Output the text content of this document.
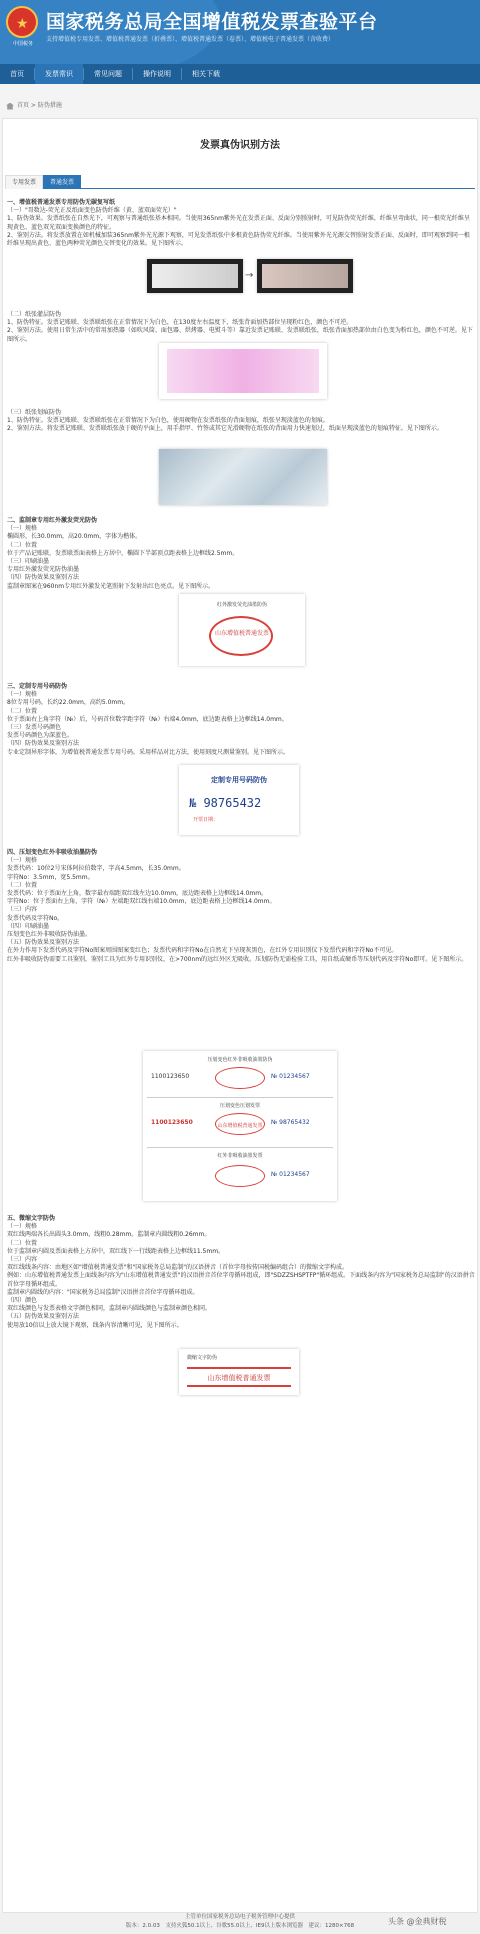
★
中国税务
国家税务总局全国增值税发票查验平台
支持增值税专用发票、增值税普通发票（折叠票）、增值税普通发票（卷票）、增值税电子普通发票（含收费）
首页	发票常识	常见问题	操作说明	相关下载
首页 > 防伪措施
发票真伪识别方法
专用发票	普通发票
一、增值税普通发票专用防伪无碳复写纸
（一）"哥数达-荧光正反纸面变色防伪纤维（黄、蓝双面荧光）"
1、防伪效果。发票纸张在自然光下，可观察与普通纸张基本相同。当使用365nm紫外光在发票正面、反面分别照射时，可见防伪荧光纤维，纤维呈弯曲状，同一根荧光纤维呈现黄色、蓝色双光双面变换颜色的特征。
2、鉴别方法。将发票放置在如机械加装365nm紫外光光源下观察，可见发票纸张中多根黄色防伪荧光纤维。当使用紫外光光源交替照射发票正面、反面时，即可观察到同一根纤维呈现出黄色、蓝色两种荧光颜色交替变化的效果。见下图所示。
→
（二）纸张灌层防伪
1、防伪特征。发票记账联、发票联纸张在正常情况下为白色，在130度左右温度下，纸张背面加热部位呈现粉红色，颜色不可逆。
2、鉴别方法。使用日常生活中的常用加热器（如吹风筒、面包器、烘烤器、电熨斗等）靠近发票记账联、发票联纸张，纸张背面加热部位由白色变为粉红色，颜色不可逆。见下图所示。
（三）纸张划痕防伪
1、防伪特征。发票记账联、发票联纸张在正常情况下为白色，使用硬物在发票纸张的背面划痕，纸张呈现淡蓝色的划痕。
2、鉴别方法。将发票记账联、发票联纸张放于硬的平面上，用手指甲、竹签或其它光滑硬物在纸张的背面用力快速划过，纸面呈现淡蓝色的划痕特征。见下图所示。
二、监制章专用红外激发荧光防伪
（一）规格
椭圆形，长30.0mm，高20.0mm，字体为楷体。
（二）位置
位于产品记账联、发票联票面表格上方居中，椭圆下半部顶点距表格上边框线2.5mm。
（三）印刷油墨
专用红外激发荧光防伪油墨
（四）防伪效果及鉴别方法
监制章图案在960nm专用红外激发光笔照射下发射出红色亮点。见下图所示。
红外激发荧光油墨防伪
山东增值税普通发票
三、定制专用号码防伪
（一）规格
8位专用号码，长约22.0mm，高约5.0mm。
（二）位置
位于票面右上角字符（№）后，号码首位数字距字符（№）右端4.0mm，底边距表格上边框线14.0mm。
（三）发票号码颜色
发票号码颜色为深蓝色。
（四）防伪效果及鉴别方法
专业定制异形字体，为增值税普通发票专用号码。采用样品对比方法，使用刻度尺测量鉴别。见下图所示。
定制专用号码防伪
№ 98765432
开票日期：
四、压划变色红外非吸收油墨防伪
（一）规格
发票代码：10位2号宋体阿拉伯数字，字高4.5mm，长35.0mm。
字符No：3.5mm，宽5.5mm。
（二）位置
发票代码：位于票面左上角，数字最右端距双红线左边10.0mm，底边距表格上边框线14.0mm。
字符No：位于票面右上角，字符（№）左端距双红线右端10.0mm，底边距表格上边框线14.0mm。
（三）内容
发票代码及字符No。
（四）印刷油墨
压划变色红外非吸收防伪油墨。
（五）防伪效果及鉴别方法
在外力作用下发票代码及字符No图案周围图案变红色；发票代码和字符No在自然光下呈现灰黑色，在红外专用识别仪下发票代码和字符No不可见。
红外非吸收防伪需要工具鉴别，鉴别工具为红外专用识别仪，在>700nm的远红外区无吸收。压划防伪无需检验工具，用自纸或硬币等压划代码及字符No即可。见下图所示。
压划变色红外非吸收油墨防伪
1100123650	№ 01234567
压划变色压划发票
1100123650	№ 98765432
山东增值税普通发票
红外非吸收油墨发票
№ 01234567
五、微缩文字防伪
（一）规格
双红线两端各长出圆头3.0mm，线粗0.28mm。监制章内圆线粗0.26mm。
（二）位置
位于监制章内圆及票面表格上方居中，双红线下一行线距表格上边框线11.5mm。
（三）内容
双红线线条内容：由地区如"增值税普通发票"和"国家税务总局监制"的汉语拼音（首位字母按传国税编码组合）的微缩文字构成。
例如：山东增值税普通发票上面线条内容为"山东增值税普通发票"的汉语拼音首位字母循环组成，即"SDZZSHSPTFP"循环组成。下面线条内容为"国家税务总局监制"的汉语拼音首位字母循环组成。
监制章内圆线的内容："国家税务总局监制"汉语拼音首位字母循环组成。
（四）颜色
双红线颜色与发票表格文字颜色相同，监制章内圆线颜色与监制章颜色相同。
（五）防伪效果及鉴别方法
使用放10倍以上放大镜下观察，线条内容清晰可见，见下图所示。
微缩文字防伪
山东增值税普通发票
主管单位国家税务总局电子税务管理中心提供
版本：2.0.03　支持火狐50.1以上、谷歌55.0以上、IE9以上版本浏览器　建议：1280×768	头条 @金典财税
